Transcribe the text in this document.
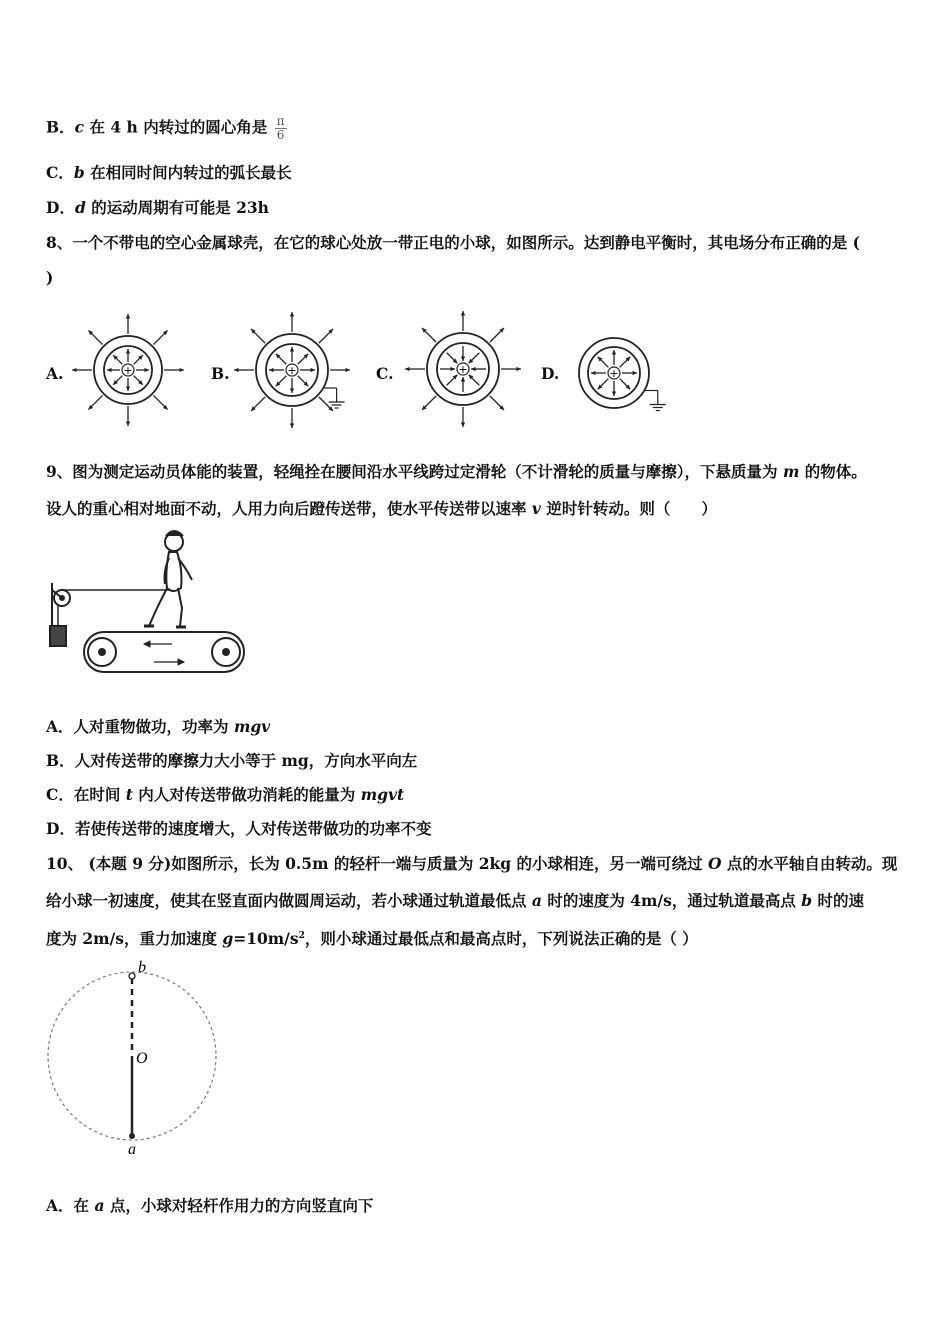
B．c 在 4 h 内转过的圆心角是 $\frac{\pi}{6}$
C．b 在相同时间内转过的弧长最长
D．d 的运动周期有可能是 23h
8、一个不带电的空心金属球壳，在它的球心处放一带正电的小球，如图所示。达到静电平衡时，其电场分布正确的是 (
)
A.	B.	C.	D.
+	+	+	+
9、图为测定运动员体能的装置，轻绳拴在腰间沿水平线跨过定滑轮（不计滑轮的质量与摩擦），下悬质量为 m 的物体。
设人的重心相对地面不动，人用力向后蹬传送带，使水平传送带以速率 v 逆时针转动。则（　　）
A．人对重物做功，功率为 mgv
B．人对传送带的摩擦力大小等于 mg，方向水平向左
C．在时间 t 内人对传送带做功消耗的能量为 mgvt
D．若使传送带的速度增大，人对传送带做功的功率不变
10、 (本题 9 分)如图所示，长为 0.5m 的轻杆一端与质量为 2kg 的小球相连，另一端可绕过 O 点的水平轴自由转动。现
给小球一初速度，使其在竖直面内做圆周运动，若小球通过轨道最低点 a 时的速度为 4m/s，通过轨道最高点 b 时的速
度为 2m/s，重力加速度 $g=10m/s^2$，则小球通过最低点和最高点时，下列说法正确的是（ ）
b
O
a
A．在 a 点，小球对轻杆作用力的方向竖直向下
